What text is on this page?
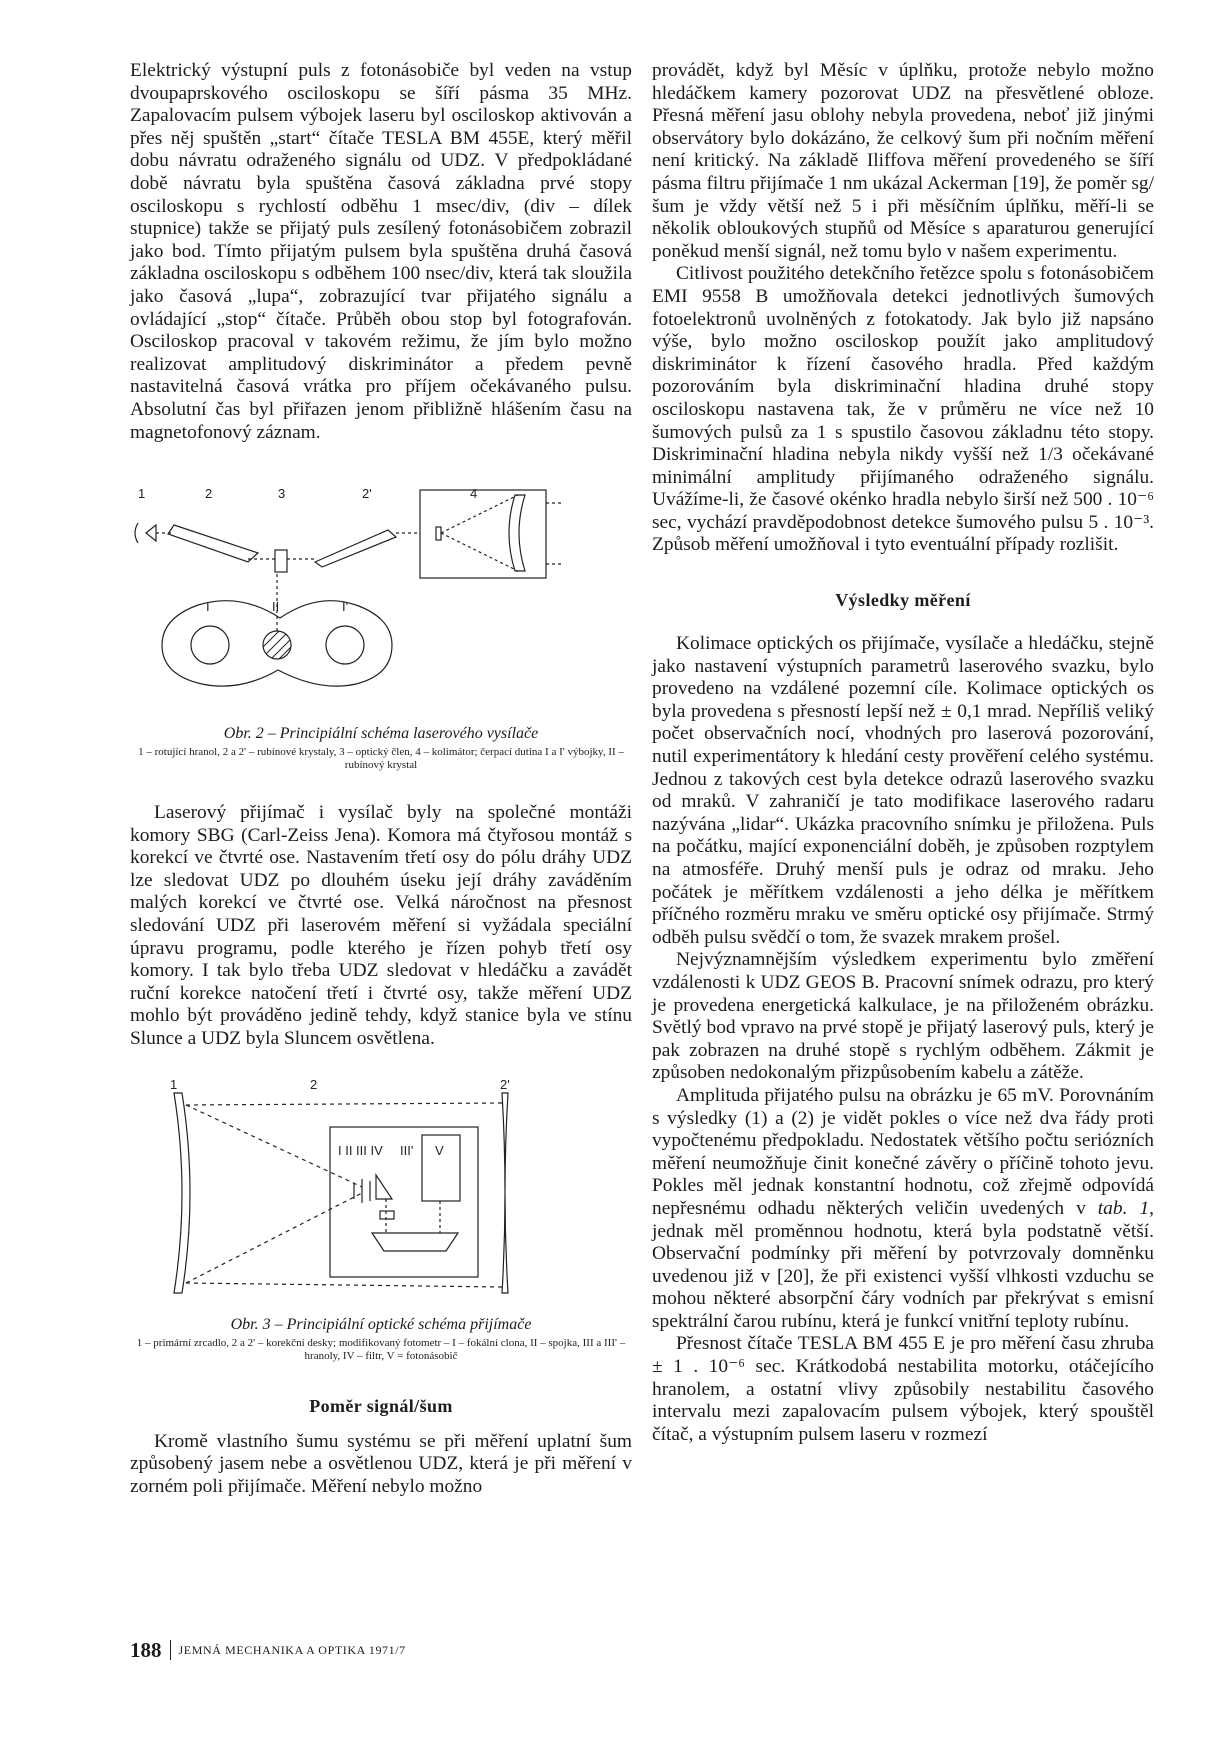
Elektrický výstupní puls z fotonásobiče byl veden na vstup dvoupaprskového osciloskopu se šíří pásma 35 MHz. Zapalovacím pulsem výbojek laseru byl osciloskop aktivován a přes něj spuštěn „start“ čítače TESLA BM 455E, který měřil dobu návratu odraženého signálu od UDZ. V předpokládané době návratu byla spuštěna časová základna prvé stopy osciloskopu s rychlostí odběhu 1 msec/div, (div – dílek stupnice) takže se přijatý puls zesílený fotonásobičem zobrazil jako bod. Tímto přijatým pulsem byla spuštěna druhá časová základna osciloskopu s odběhem 100 nsec/div, která tak sloužila jako časová „lupa“, zobrazující tvar přijatého signálu a ovládající „stop“ čítače. Průběh obou stop byl fotografován. Osciloskop pracoval v takovém režimu, že jím bylo možno realizovat amplitudový diskriminátor a předem pevně nastavitelná časová vrátka pro příjem očekávaného pulsu. Absolutní čas byl přiřazen jenom přibližně hlášením času na magnetofonový záznam.

1	2	3	2'	4
I	II	I'
Obr. 2 – Principiální schéma laserového vysílače
1 – rotující hranol, 2 a 2' – rubínové krystaly, 3 – optický člen, 4 – kolimátor; čerpací dutina I a I' výbojky, II – rubínový krystal

Laserový přijímač i vysílač byly na společné montáži komory SBG (Carl-Zeiss Jena). Komora má čtyřosou montáž s korekcí ve čtvrté ose. Nastavením třetí osy do pólu dráhy UDZ lze sledovat UDZ po dlouhém úseku její dráhy zaváděním malých korekcí ve čtvrté ose. Velká náročnost na přesnost sledování UDZ při laserovém měření si vyžádala speciální úpravu programu, podle kterého je řízen pohyb třetí osy komory. I tak bylo třeba UDZ sledovat v hledáčku a zavádět ruční korekce natočení třetí i čtvrté osy, takže měření UDZ mohlo být prováděno jedině tehdy, když stanice byla ve stínu Slunce a UDZ byla Sluncem osvětlena.

1	2	2'
I II III IV III' V
Obr. 3 – Principiální optické schéma přijímače
1 – primární zrcadlo, 2 a 2' – korekční desky; modifikovaný fotometr – I – fokální clona, II – spojka, III a III' – hranoly, IV – filtr, V = fotonásobič
Poměr signál/šum

Kromě vlastního šumu systému se při měření uplatní šum způsobený jasem nebe a osvětlenou UDZ, která je při měření v zorném poli přijímače. Měření nebylo možno

provádět, když byl Měsíc v úplňku, protože nebylo možno hledáčkem kamery pozorovat UDZ na přesvětlené obloze. Přesná měření jasu oblohy nebyla provedena, neboť již jinými observátory bylo dokázáno, že celkový šum při nočním měření není kritický. Na základě Iliffova měření provedeného se šíří pásma filtru přijímače 1 nm ukázal Ackerman [19], že poměr sg/šum je vždy větší než 5 i při měsíčním úplňku, měří-li se několik obloukových stupňů od Měsíce s aparaturou generující poněkud menší signál, než tomu bylo v našem experimentu.

Citlivost použitého detekčního řetězce spolu s fotonásobičem EMI 9558 B umožňovala detekci jednotlivých šumových fotoelektronů uvolněných z fotokatody. Jak bylo již napsáno výše, bylo možno osciloskop použít jako amplitudový diskriminátor k řízení časového hradla. Před každým pozorováním byla diskriminační hladina druhé stopy osciloskopu nastavena tak, že v průměru ne více než 10 šumových pulsů za 1 s spustilo časovou základnu této stopy. Diskriminační hladina nebyla nikdy vyšší než 1/3 očekávané minimální amplitudy přijímaného odraženého signálu. Uvážíme-li, že časové okénko hradla nebylo širší než 500 . 10⁻⁶ sec, vychází pravděpodobnost detekce šumového pulsu 5 . 10⁻³. Způsob měření umožňoval i tyto eventuální případy rozlišit.

Výsledky měření

Kolimace optických os přijímače, vysílače a hledáčku, stejně jako nastavení výstupních parametrů laserového svazku, bylo provedeno na vzdálené pozemní cíle. Kolimace optických os byla provedena s přesností lepší než ± 0,1 mrad. Nepříliš veliký počet observačních nocí, vhodných pro laserová pozorování, nutil experimentátory k hledání cesty prověření celého systému. Jednou z takových cest byla detekce odrazů laserového svazku od mraků. V zahraničí je tato modifikace laserového radaru nazývána „lidar“. Ukázka pracovního snímku je přiložena. Puls na počátku, mající exponenciální doběh, je způsoben rozptylem na atmosféře. Druhý menší puls je odraz od mraku. Jeho počátek je měřítkem vzdálenosti a jeho délka je měřítkem příčného rozměru mraku ve směru optické osy přijímače. Strmý odběh pulsu svědčí o tom, že svazek mrakem prošel.

Nejvýznamnějším výsledkem experimentu bylo změření vzdálenosti k UDZ GEOS B. Pracovní snímek odrazu, pro který je provedena energetická kalkulace, je na přiloženém obrázku. Světlý bod vpravo na prvé stopě je přijatý laserový puls, který je pak zobrazen na druhé stopě s rychlým odběhem. Zákmit je způsoben nedokonalým přizpůsobením kabelu a zátěže.

Amplituda přijatého pulsu na obrázku je 65 mV. Porovnáním s výsledky (1) a (2) je vidět pokles o více než dva řády proti vypočtenému předpokladu. Nedostatek většího počtu seriózních měření neumožňuje činit konečné závěry o příčině tohoto jevu. Pokles měl jednak konstantní hodnotu, což zřejmě odpovídá nepřesnému odhadu některých veličin uvedených v tab. 1, jednak měl proměnnou hodnotu, která byla podstatně větší. Observační podmínky při měření by potvrzovaly domněnku uvedenou již v [20], že při existenci vyšší vlhkosti vzduchu se mohou některé absorpční čáry vodních par překrývat s emisní spektrální čarou rubínu, která je funkcí vnitřní teploty rubínu.

Přesnost čítače TESLA BM 455 E je pro měření času zhruba ± 1 . 10⁻⁶ sec. Krátkodobá nestabilita motorku, otáčejícího hranolem, a ostatní vlivy způsobily nestabilitu časového intervalu mezi zapalovacím pulsem výbojek, který spouštěl čítač, a výstupním pulsem laseru v rozmezí

188 JEMNÁ MECHANIKA A OPTIKA 1971/7
